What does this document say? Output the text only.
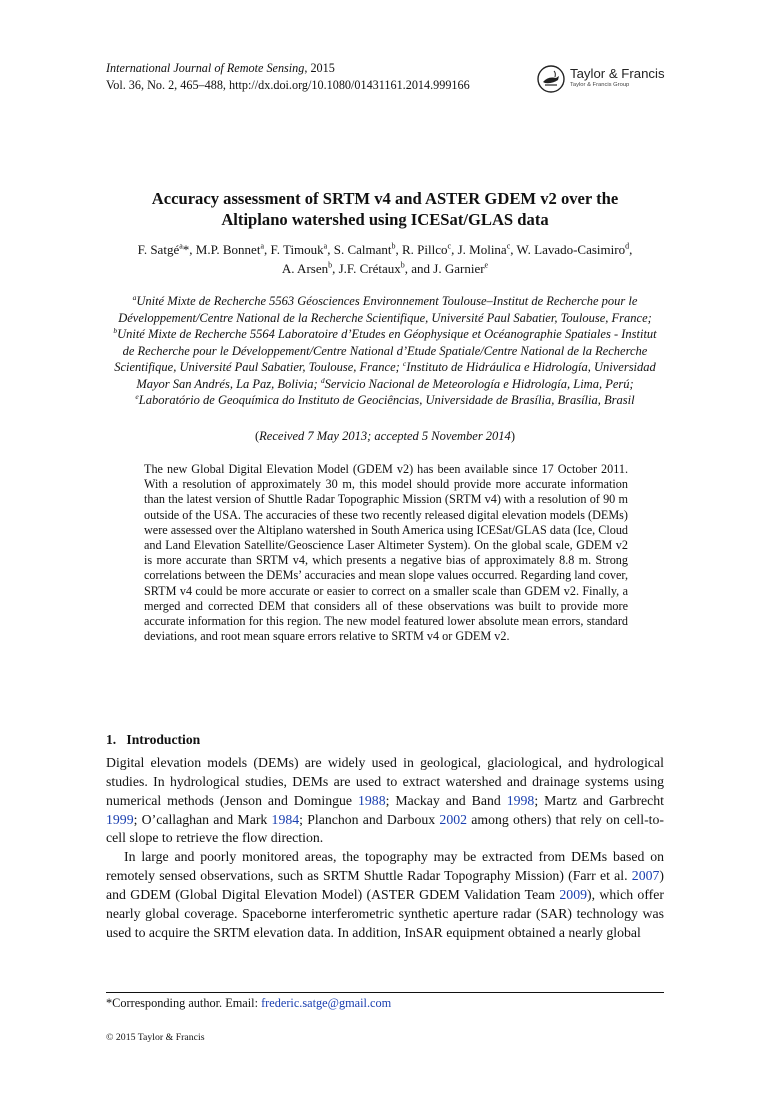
International Journal of Remote Sensing, 2015
Vol. 36, No. 2, 465–488, http://dx.doi.org/10.1080/01431161.2014.999166
Taylor & Francis
Taylor & Francis Group
Accuracy assessment of SRTM v4 and ASTER GDEM v2 over the
Altiplano watershed using ICESat/GLAS data
F. Satgé$^a$*, M.P. Bonnet$^a$, F. Timouk$^a$, S. Calmant$^b$, R. Pillco$^c$, J. Molina$^c$, W. Lavado-Casimiro$^d$,
A. Arsen$^b$, J.F. Crétaux$^b$, and J. Garnier$^e$
$^a$Unité Mixte de Recherche 5563 Géosciences Environnement Toulouse–Institut de Recherche pour le Développement/Centre National de la Recherche Scientifique, Université Paul Sabatier, Toulouse, France; $^b$Unité Mixte de Recherche 5564 Laboratoire d’Etudes en Géophysique et Océanographie Spatiales - Institut de Recherche pour le Développement/Centre National d’Etude Spatiale/Centre National de la Recherche Scientifique, Université Paul Sabatier, Toulouse, France; $^c$Instituto de Hidráulica e Hidrología, Universidad Mayor San Andrés, La Paz, Bolivia; $^d$Servicio Nacional de Meteorología e Hidrología, Lima, Perú; $^e$Laboratório de Geoquímica do Instituto de Geociências, Universidade de Brasília, Brasília, Brasil
(Received 7 May 2013; accepted 5 November 2014)
The new Global Digital Elevation Model (GDEM v2) has been available since 17 October 2011. With a resolution of approximately 30 m, this model should provide more accurate information than the latest version of Shuttle Radar Topographic Mission (SRTM v4) with a resolution of 90 m outside of the USA. The accuracies of these two recently released digital elevation models (DEMs) were assessed over the Altiplano watershed in South America using ICESat/GLAS data (Ice, Cloud and Land Elevation Satellite/Geoscience Laser Altimeter System). On the global scale, GDEM v2 is more accurate than SRTM v4, which presents a negative bias of approximately 8.8 m. Strong correlations between the DEMs’ accuracies and mean slope values occurred. Regarding land cover, SRTM v4 could be more accurate or easier to correct on a smaller scale than GDEM v2. Finally, a merged and corrected DEM that considers all of these observations was built to provide more accurate information for this region. The new model featured lower absolute mean errors, standard deviations, and root mean square errors relative to SRTM v4 or GDEM v2.
1. Introduction

Digital elevation models (DEMs) are widely used in geological, glaciological, and hydrological studies. In hydrological studies, DEMs are used to extract watershed and drainage systems using numerical methods (Jenson and Domingue 1988; Mackay and Band 1998; Martz and Garbrecht 1999; O’callaghan and Mark 1984; Planchon and Darboux 2002 among others) that rely on cell-to-cell slope to retrieve the flow direction.

In large and poorly monitored areas, the topography may be extracted from DEMs based on remotely sensed observations, such as SRTM Shuttle Radar Topography Mission) (Farr et al. 2007) and GDEM (Global Digital Elevation Model) (ASTER GDEM Validation Team 2009), which offer nearly global coverage. Spaceborne interferometric synthetic aperture radar (SAR) technology was used to acquire the SRTM elevation data. In addition, InSAR equipment obtained a nearly global

*Corresponding author. Email: frederic.satge@gmail.com
© 2015 Taylor & Francis
